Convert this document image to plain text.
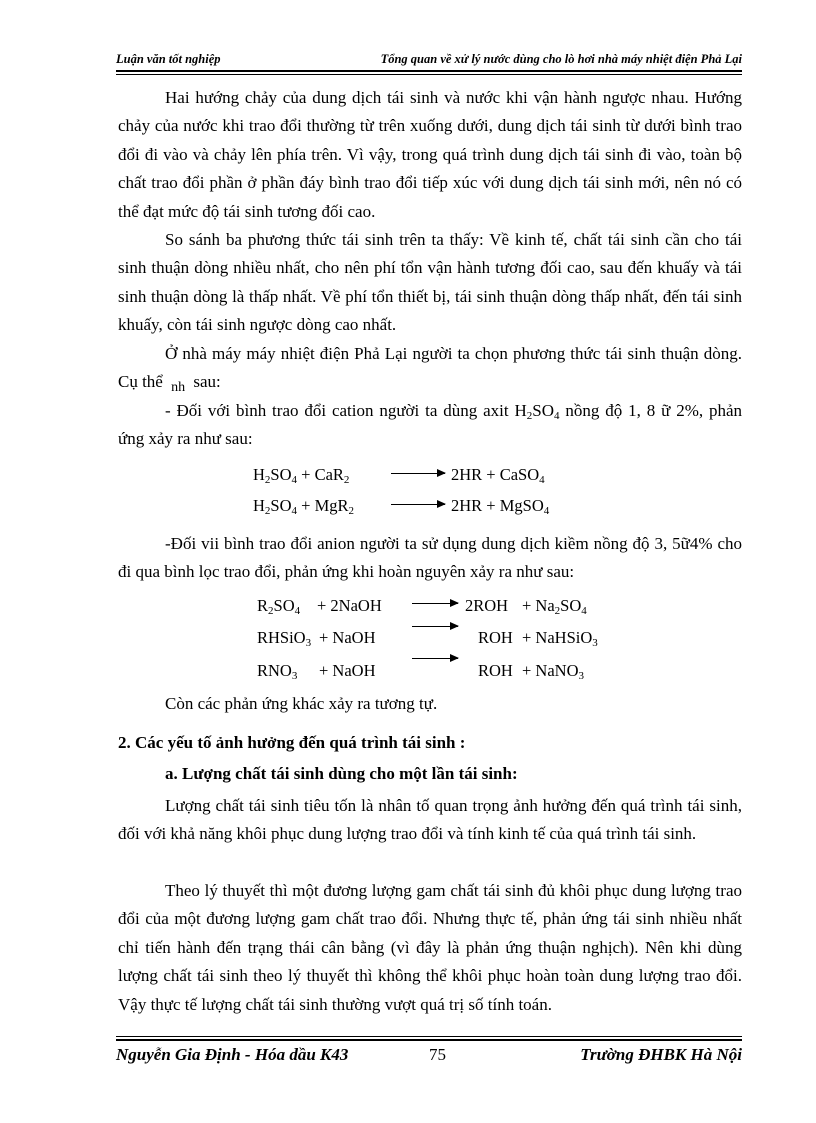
Luận văn tốt nghiệp	Tổng quan về xử lý nước dùng cho lò hơi nhà máy nhiệt điện Phả Lại
Hai hướng chảy của dung dịch tái sinh và nước khi vận hành ngược nhau. Hướng chảy của nước khi trao đổi thường từ trên xuống dưới, dung dịch tái sinh từ dưới bình trao đổi đi vào và chảy lên phía trên. Vì vậy, trong quá trình dung dịch tái sinh đi vào, toàn bộ chất trao đổi phần ở phần đáy bình trao đổi tiếp xúc với dung dịch tái sinh mới, nên nó có thể đạt mức độ tái sinh tương đối cao.
So sánh ba phương thức tái sinh trên ta thấy: Về kinh tế, chất tái sinh cần cho tái sinh thuận dòng nhiều nhất, cho nên phí tổn vận hành tương đối cao, sau đến khuấy và tái sinh thuận dòng là thấp nhất. Về phí tổn thiết bị, tái sinh thuận dòng thấp nhất, đến tái sinh khuấy, còn tái sinh ngược dòng cao nhất.
Ở nhà máy máy nhiệt điện Phả Lại người ta chọn phương thức tái sinh thuận dòng. Cụ thể $_{nh}$ sau:
- Đối với bình trao đổi cation người ta dùng axit $H_2SO_4$ nồng độ 1, 8 ữ 2%, phản ứng xảy ra như sau:
$H_2SO_4 + CaR_2 \to 2HR$ + CaSO$_4$
$H_2SO_4 + MgR_2 \to 2HR$ + MgSO$_4$
-Đối vii bình trao đổi anion người ta sử dụng dung dịch kiềm nồng độ 3, 5ữ4% cho đi qua bình lọc trao đổi, phản ứng khi hoàn nguyên xảy ra như sau:
$R_2SO_4$ + 2NaOH → $2ROH + Na_2SO_4$
RHSiO$_3$ + NaOH	ROH + NaHSiO$_3$
$RNO_3$ + NaOH	ROH + NaNO$_3$
Còn các phản ứng khác xảy ra tương tự.
2. Các yếu tố ảnh hưởng đến quá trình tái sinh :
a. Lượng chất tái sinh dùng cho một lần tái sinh:
Lượng chất tái sinh tiêu tốn là nhân tố quan trọng ảnh hưởng đến quá trình tái sinh, đối với khả năng khôi phục dung lượng trao đổi và tính kinh tế của quá trình tái sinh.
Theo lý thuyết thì một đương lượng gam chất tái sinh đủ khôi phục dung lượng trao đổi của một đương lượng gam chất trao đổi. Nhưng thực tế, phản ứng tái sinh nhiều nhất chỉ tiến hành đến trạng thái cân bằng (vì đây là phản ứng thuận nghịch). Nên khi dùng lượng chất tái sinh theo lý thuyết thì không thể khôi phục hoàn toàn dung lượng trao đổi. Vậy thực tế lượng chất tái sinh thường vượt quá trị số tính toán.
Nguyễn Gia Định - Hóa dầu K43	75	Trường ĐHBK Hà Nội
